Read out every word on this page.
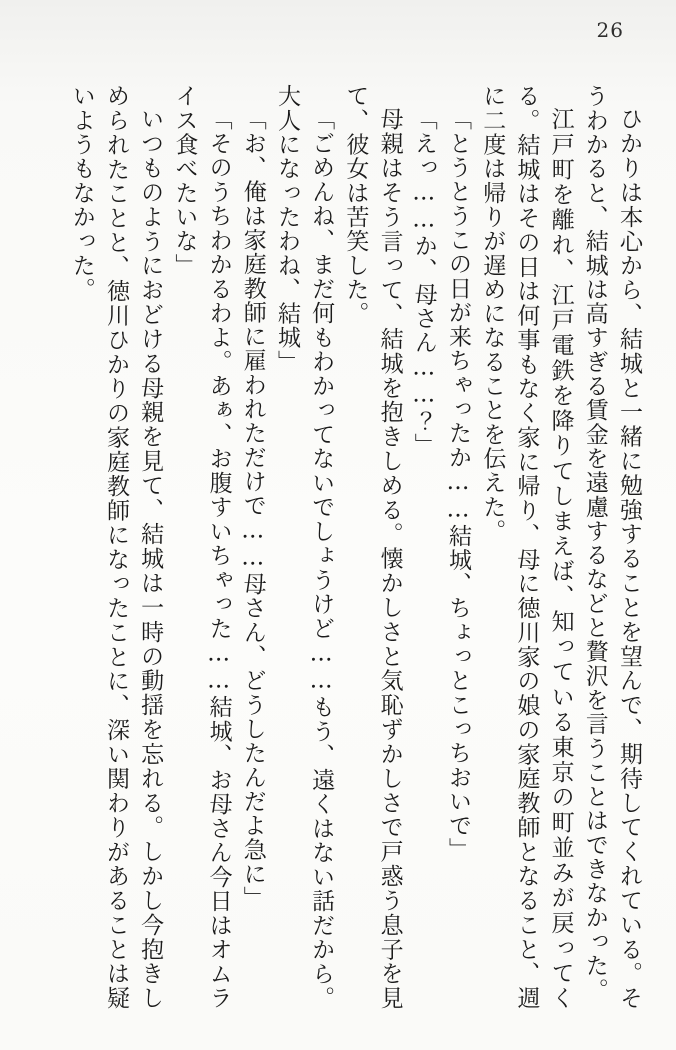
26

ひかりは本心から、結城と一緒に勉強することを望んで、期待してくれている。そうわかると、結城は高すぎる賃金を遠慮するなどと贅沢を言うことはできなかった。

江戸町を離れ、江戸電鉄を降りてしまえば、知っている東京の町並みが戻ってくる。結城はその日は何事もなく家に帰り、母に徳川家の娘の家庭教師となること、週に二度は帰りが遅めになることを伝えた。

「とうとうこの日が来ちゃったか……結城、ちょっとこっちおいで」

「えっ……か、母さん……？」

母親はそう言って、結城を抱きしめる。懐かしさと気恥ずかしさで戸惑う息子を見て、彼女は苦笑した。

「ごめんね、まだ何もわかってないでしょうけど……もう、遠くはない話だから。大人になったわね、結城」

「お、俺は家庭教師に雇われただけで……母さん、どうしたんだよ急に」

「そのうちわかるわよ。あぁ、お腹すいちゃった……結城、お母さん今日はオムライス食べたいな」

いつものようにおどける母親を見て、結城は一時の動揺を忘れる。しかし今抱きしめられたことと、徳川ひかりの家庭教師になったことに、深い関わりがあることは疑いようもなかった。
